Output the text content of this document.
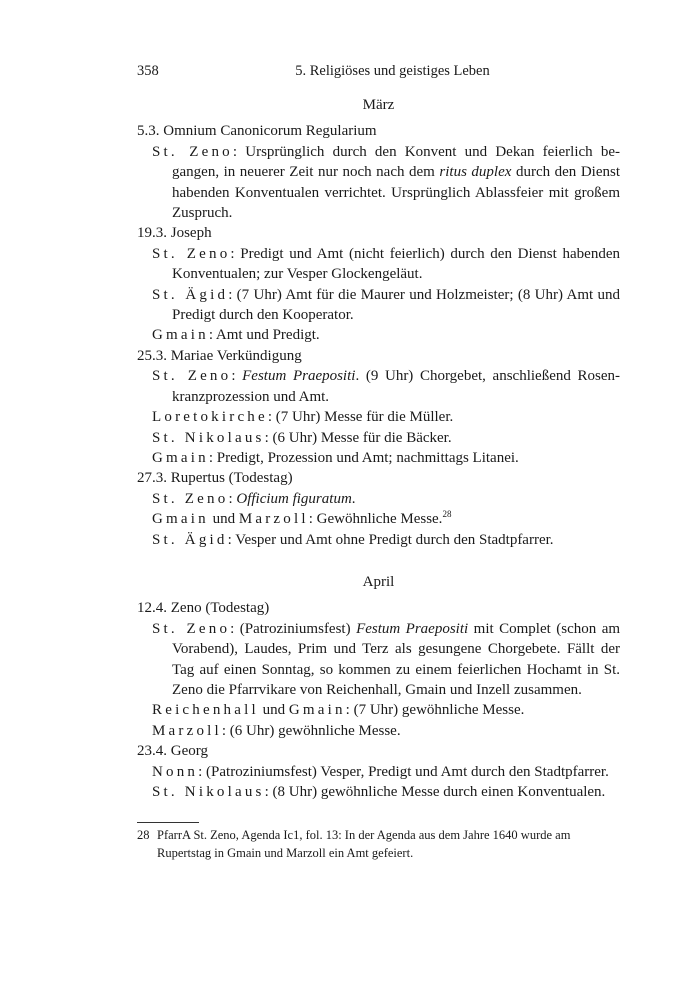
358	5. Religiöses und geistiges Leben

März

5.3. Omnium Canonicorum Regularium

St. Zeno: Ursprünglich durch den Konvent und Dekan feierlich begangen, in neuerer Zeit nur noch nach dem ritus duplex durch den Dienst habenden Konventualen verrichtet. Ursprünglich Ablassfeier mit großem Zuspruch.

19.3. Joseph

St. Zeno: Predigt und Amt (nicht feierlich) durch den Dienst habenden Konventualen; zur Vesper Glockengeläut.

St. Ägid: (7 Uhr) Amt für die Maurer und Holzmeister; (8 Uhr) Amt und Predigt durch den Kooperator.

Gmain: Amt und Predigt.

25.3. Mariae Verkündigung

St. Zeno: Festum Praepositi. (9 Uhr) Chorgebet, anschließend Rosenkranzprozession und Amt.

Loretokirche: (7 Uhr) Messe für die Müller.

St. Nikolaus: (6 Uhr) Messe für die Bäcker.

Gmain: Predigt, Prozession und Amt; nachmittags Litanei.

27.3. Rupertus (Todestag)

St. Zeno: Officium figuratum.

Gmain und Marzoll: Gewöhnliche Messe.$^{28}$

St. Ägid: Vesper und Amt ohne Predigt durch den Stadtpfarrer.

April

12.4. Zeno (Todestag)

St. Zeno: (Patroziniumsfest) Festum Praepositi mit Complet (schon am Vorabend), Laudes, Prim und Terz als gesungene Chorgebete. Fällt der Tag auf einen Sonntag, so kommen zu einem feierlichen Hochamt in St. Zeno die Pfarrvikare von Reichenhall, Gmain und Inzell zusammen.

Reichenhall und Gmain: (7 Uhr) gewöhnliche Messe.

Marzoll: (6 Uhr) gewöhnliche Messe.

23.4. Georg

Nonn: (Patroziniumsfest) Vesper, Predigt und Amt durch den Stadtpfarrer.

St. Nikolaus: (8 Uhr) gewöhnliche Messe durch einen Konventualen.

28 PfarrA St. Zeno, Agenda Ic1, fol. 13: In der Agenda aus dem Jahre 1640 wurde am Rupertstag in Gmain und Marzoll ein Amt gefeiert.
